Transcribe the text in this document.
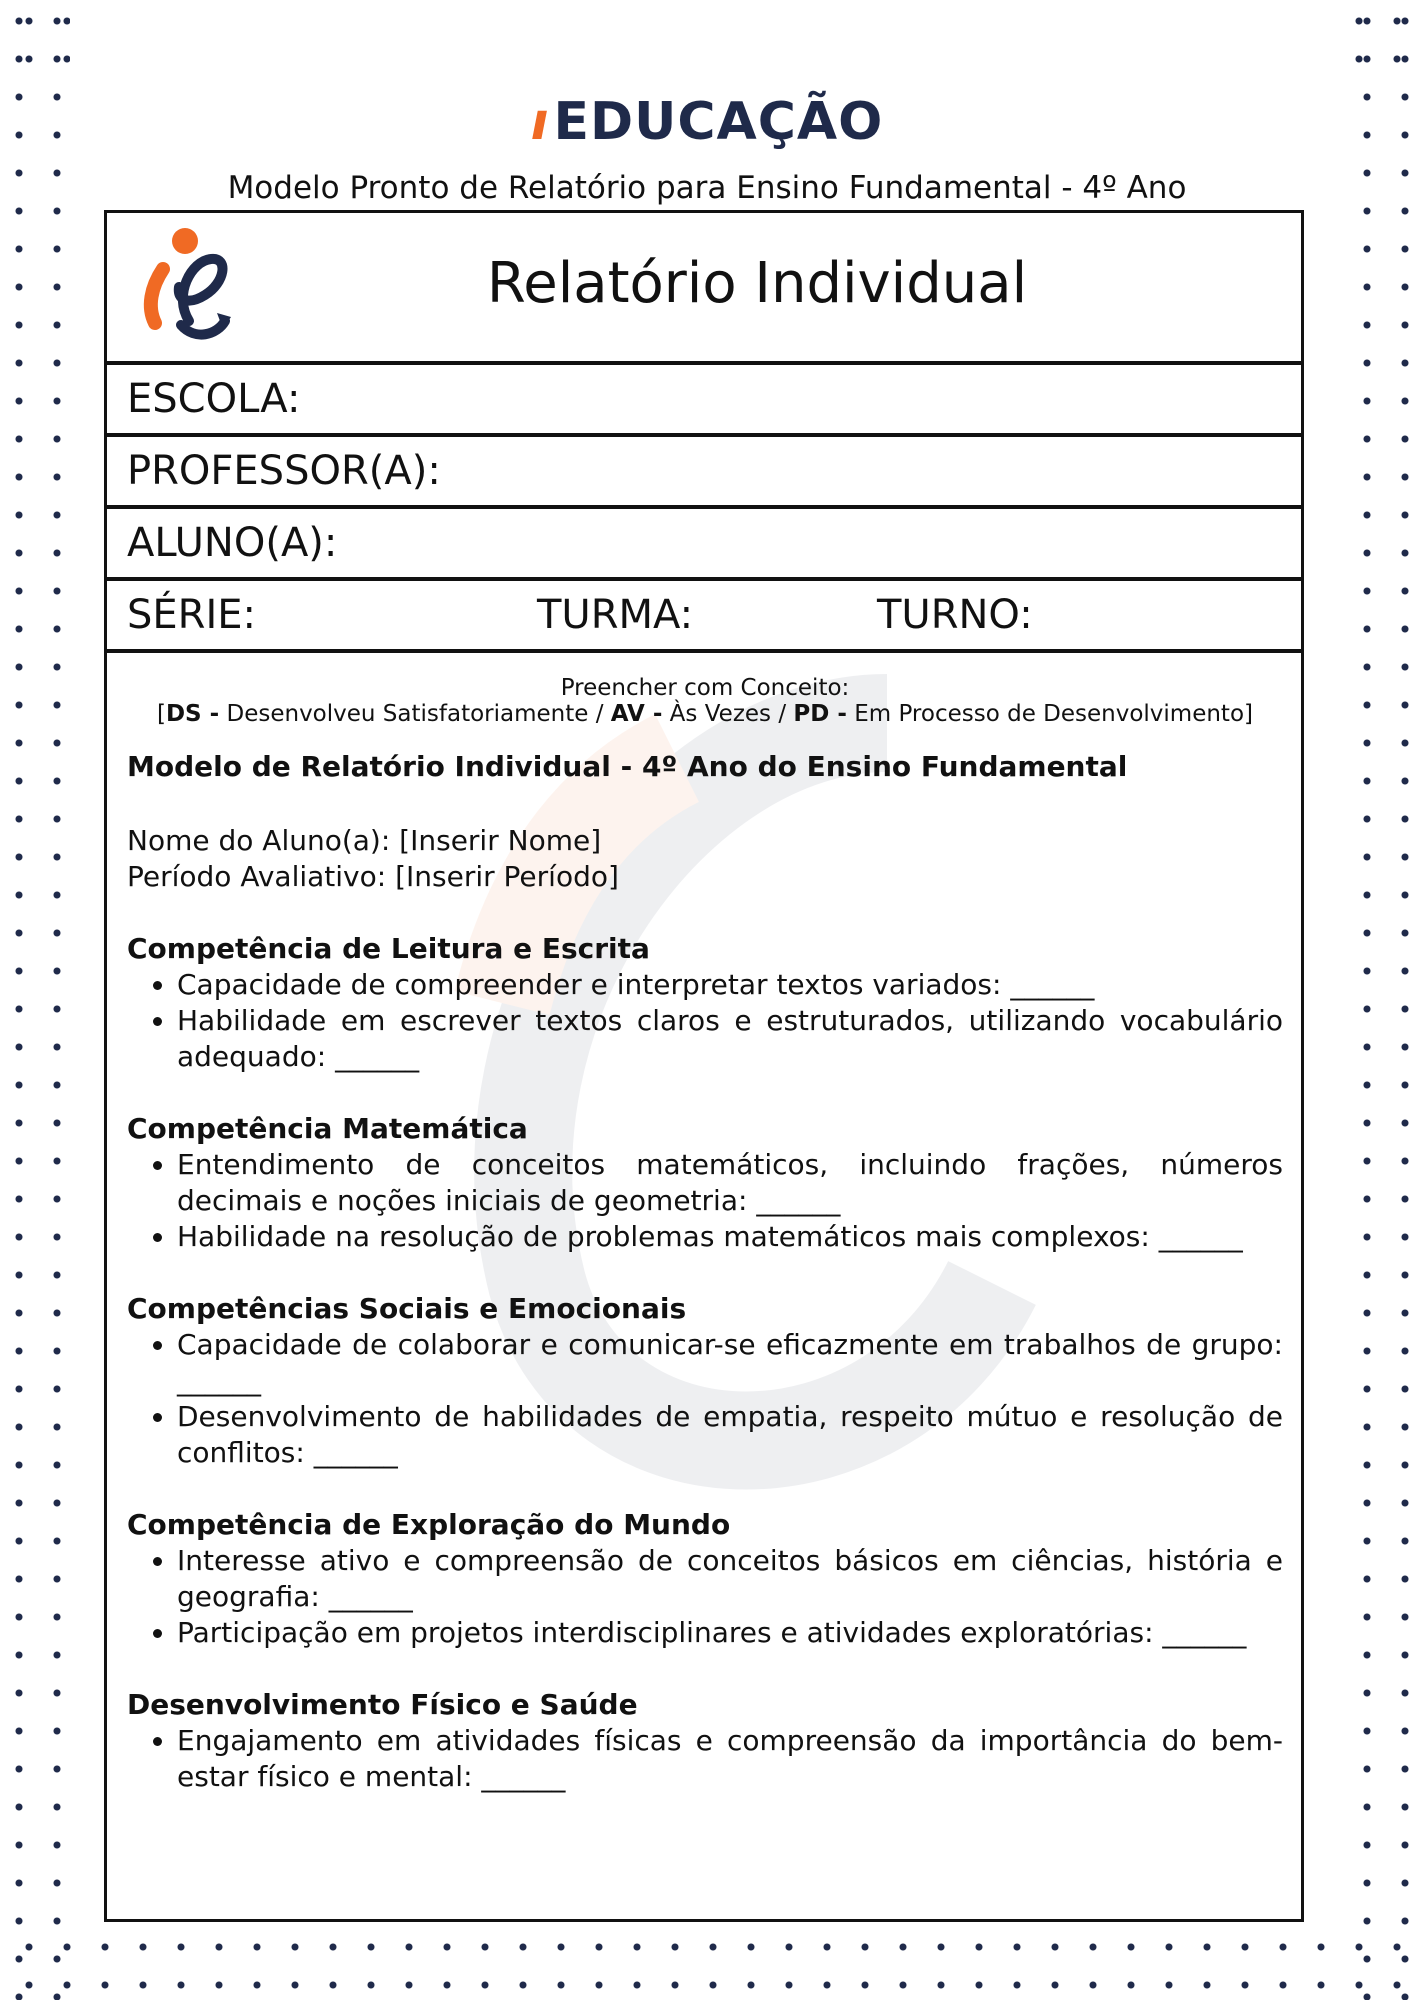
ıEDUCAÇÃO
Modelo Pronto de Relatório para Ensino Fundamental - 4º Ano
Relatório Individual
ESCOLA:
PROFESSOR(A):
ALUNO(A):
SÉRIE:	TURMA:	TURNO:
Preencher com Conceito:
[DS - Desenvolveu Satisfatoriamente / AV - Às Vezes / PD - Em Processo de Desenvolvimento]
Modelo de Relatório Individual - 4º Ano do Ensino Fundamental
Nome do Aluno(a): [Inserir Nome]
Período Avaliativo: [Inserir Período]
Competência de Leitura e Escrita
• Capacidade de compreender e interpretar textos variados: ______
• Habilidade em escrever textos claros e estruturados, utilizando vocabulário adequado: ______
Competência Matemática
• Entendimento de conceitos matemáticos, incluindo frações, números decimais e noções iniciais de geometria: ______
• Habilidade na resolução de problemas matemáticos mais complexos: ______
Competências Sociais e Emocionais
• Capacidade de colaborar e comunicar-se eficazmente em trabalhos de grupo: ______
• Desenvolvimento de habilidades de empatia, respeito mútuo e resolução de conflitos: ______
Competência de Exploração do Mundo
• Interesse ativo e compreensão de conceitos básicos em ciências, história e geografia: ______
• Participação em projetos interdisciplinares e atividades exploratórias: ______
Desenvolvimento Físico e Saúde
• Engajamento em atividades físicas e compreensão da importância do bem-estar físico e mental: ______
